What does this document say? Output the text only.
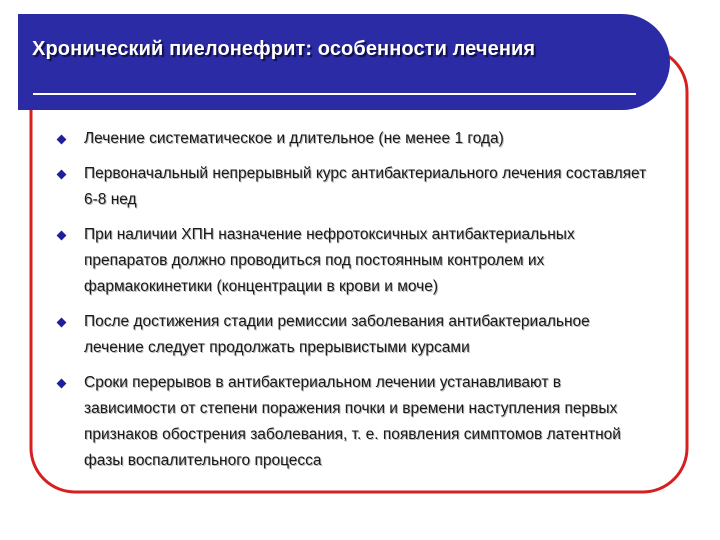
Хронический пиелонефрит: особенности лечения
Лечение систематическое и длительное (не менее 1 года)
Первоначальный непрерывный курс антибактериального лечения составляет 6-8 нед
При наличии ХПН назначение нефротоксичных антибактериальных препаратов должно проводиться под постоянным контролем их фармакокинетики (концентрации в крови и моче)
После достижения стадии ремиссии заболевания антибактериальное лечение следует продолжать прерывистыми курсами
Сроки перерывов в антибактериальном лечении устанавливают в зависимости от степени поражения почки и времени наступления первых признаков обострения заболевания, т. е. появления симптомов латентной фазы воспалительного процесса
